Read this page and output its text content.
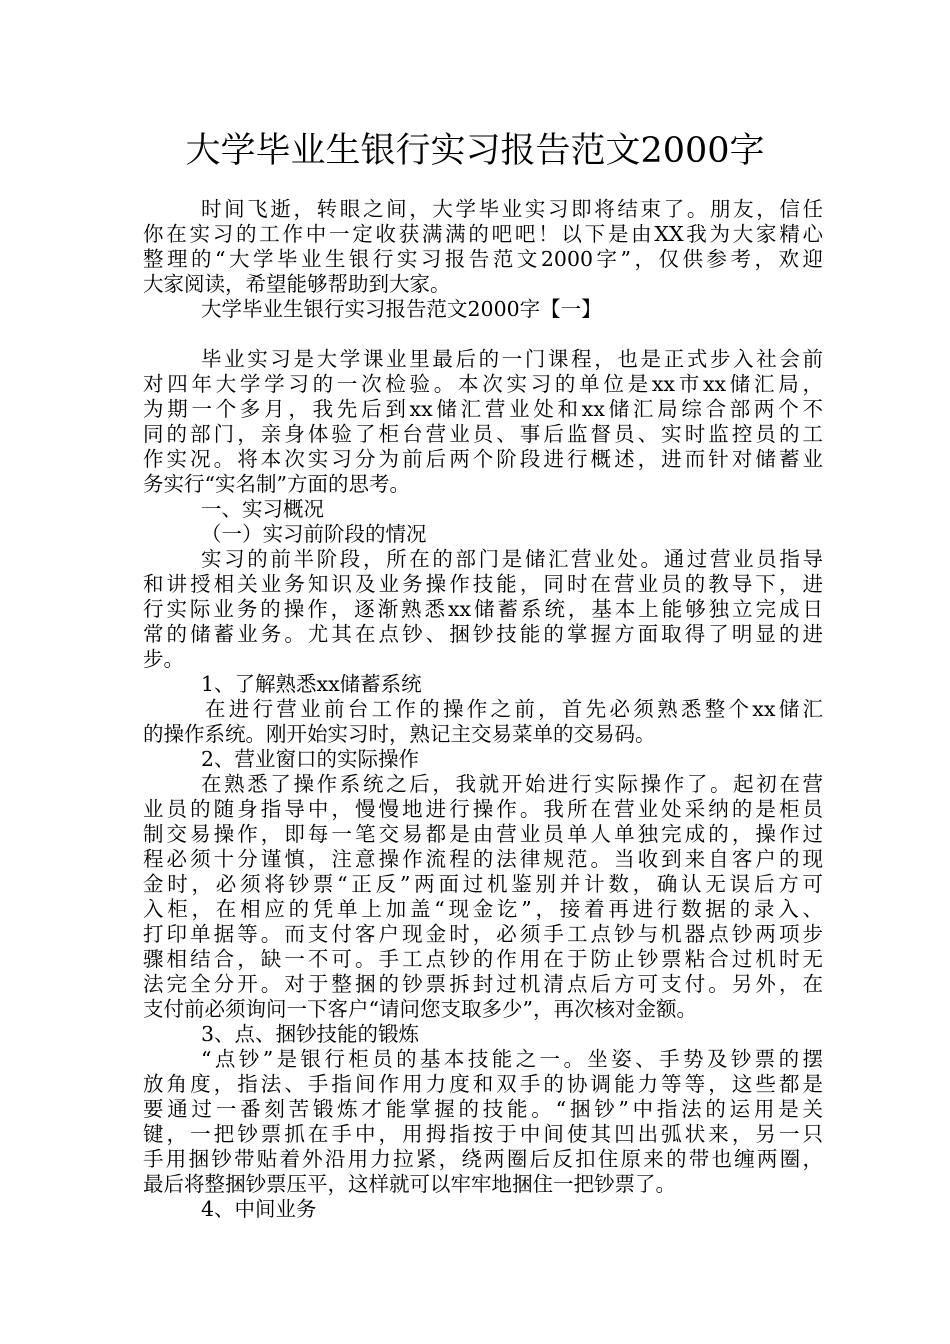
大学毕业生银行实习报告范文2000字
时间飞逝，转眼之间，大学毕业实习即将结束了。朋友，信任
你在实习的工作中一定收获满满的吧吧！以下是由XX我为大家精心
整理的“大学毕业生银行实习报告范文2000字”，仅供参考，欢迎
大家阅读，希望能够帮助到大家。
大学毕业生银行实习报告范文2000字【一】
毕业实习是大学课业里最后的一门课程，也是正式步入社会前
对四年大学学习的一次检验。本次实习的单位是xx市xx储汇局，
为期一个多月，我先后到xx储汇营业处和xx储汇局综合部两个不
同的部门，亲身体验了柜台营业员、事后监督员、实时监控员的工
作实况。将本次实习分为前后两个阶段进行概述，进而针对储蓄业
务实行“实名制”方面的思考。
一、实习概况
（一）实习前阶段的情况
实习的前半阶段，所在的部门是储汇营业处。通过营业员指导
和讲授相关业务知识及业务操作技能，同时在营业员的教导下，进
行实际业务的操作，逐渐熟悉xx储蓄系统，基本上能够独立完成日
常的储蓄业务。尤其在点钞、捆钞技能的掌握方面取得了明显的进
步。
1、了解熟悉xx储蓄系统
在进行营业前台工作的操作之前，首先必须熟悉整个xx储汇
的操作系统。刚开始实习时，熟记主交易菜单的交易码。
2、营业窗口的实际操作
在熟悉了操作系统之后，我就开始进行实际操作了。起初在营
业员的随身指导中，慢慢地进行操作。我所在营业处采纳的是柜员
制交易操作，即每一笔交易都是由营业员单人单独完成的，操作过
程必须十分谨慎，注意操作流程的法律规范。当收到来自客户的现
金时，必须将钞票“正反”两面过机鉴别并计数，确认无误后方可
入柜，在相应的凭单上加盖“现金讫”，接着再进行数据的录入、
打印单据等。而支付客户现金时，必须手工点钞与机器点钞两项步
骤相结合，缺一不可。手工点钞的作用在于防止钞票粘合过机时无
法完全分开。对于整捆的钞票拆封过机清点后方可支付。另外，在
支付前必须询问一下客户“请问您支取多少”，再次核对金额。
3、点、捆钞技能的锻炼
“点钞”是银行柜员的基本技能之一。坐姿、手势及钞票的摆
放角度，指法、手指间作用力度和双手的协调能力等等，这些都是
要通过一番刻苦锻炼才能掌握的技能。“捆钞”中指法的运用是关
键，一把钞票抓在手中，用拇指按于中间使其凹出弧状来，另一只
手用捆钞带贴着外沿用力拉紧，绕两圈后反扣住原来的带也缠两圈，
最后将整捆钞票压平，这样就可以牢牢地捆住一把钞票了。
4、中间业务
